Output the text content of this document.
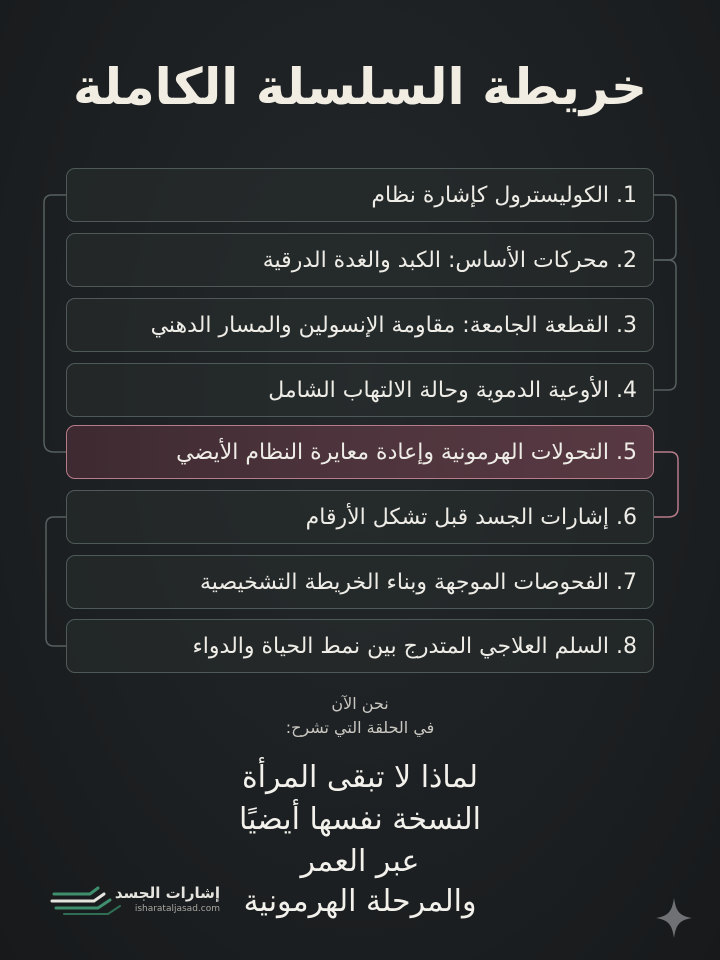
خريطة السلسلة الكاملة
1. الكوليسترول كإشارة نظام
2. محركات الأساس: الكبد والغدة الدرقية
3. القطعة الجامعة: مقاومة الإنسولين والمسار الدهني
4. الأوعية الدموية وحالة الالتهاب الشامل
5. التحولات الهرمونية وإعادة معايرة النظام الأيضي
6. إشارات الجسد قبل تشكل الأرقام
7. الفحوصات الموجهة وبناء الخريطة التشخيصية
8. السلم العلاجي المتدرج بين نمط الحياة والدواء
نحن الآن
في الحلقة التي تشرح:
لماذا لا تبقى المرأة
النسخة نفسها أيضيًا
عبر العمر
والمرحلة الهرمونية
إشارات الجسد
isharataljasad.com
